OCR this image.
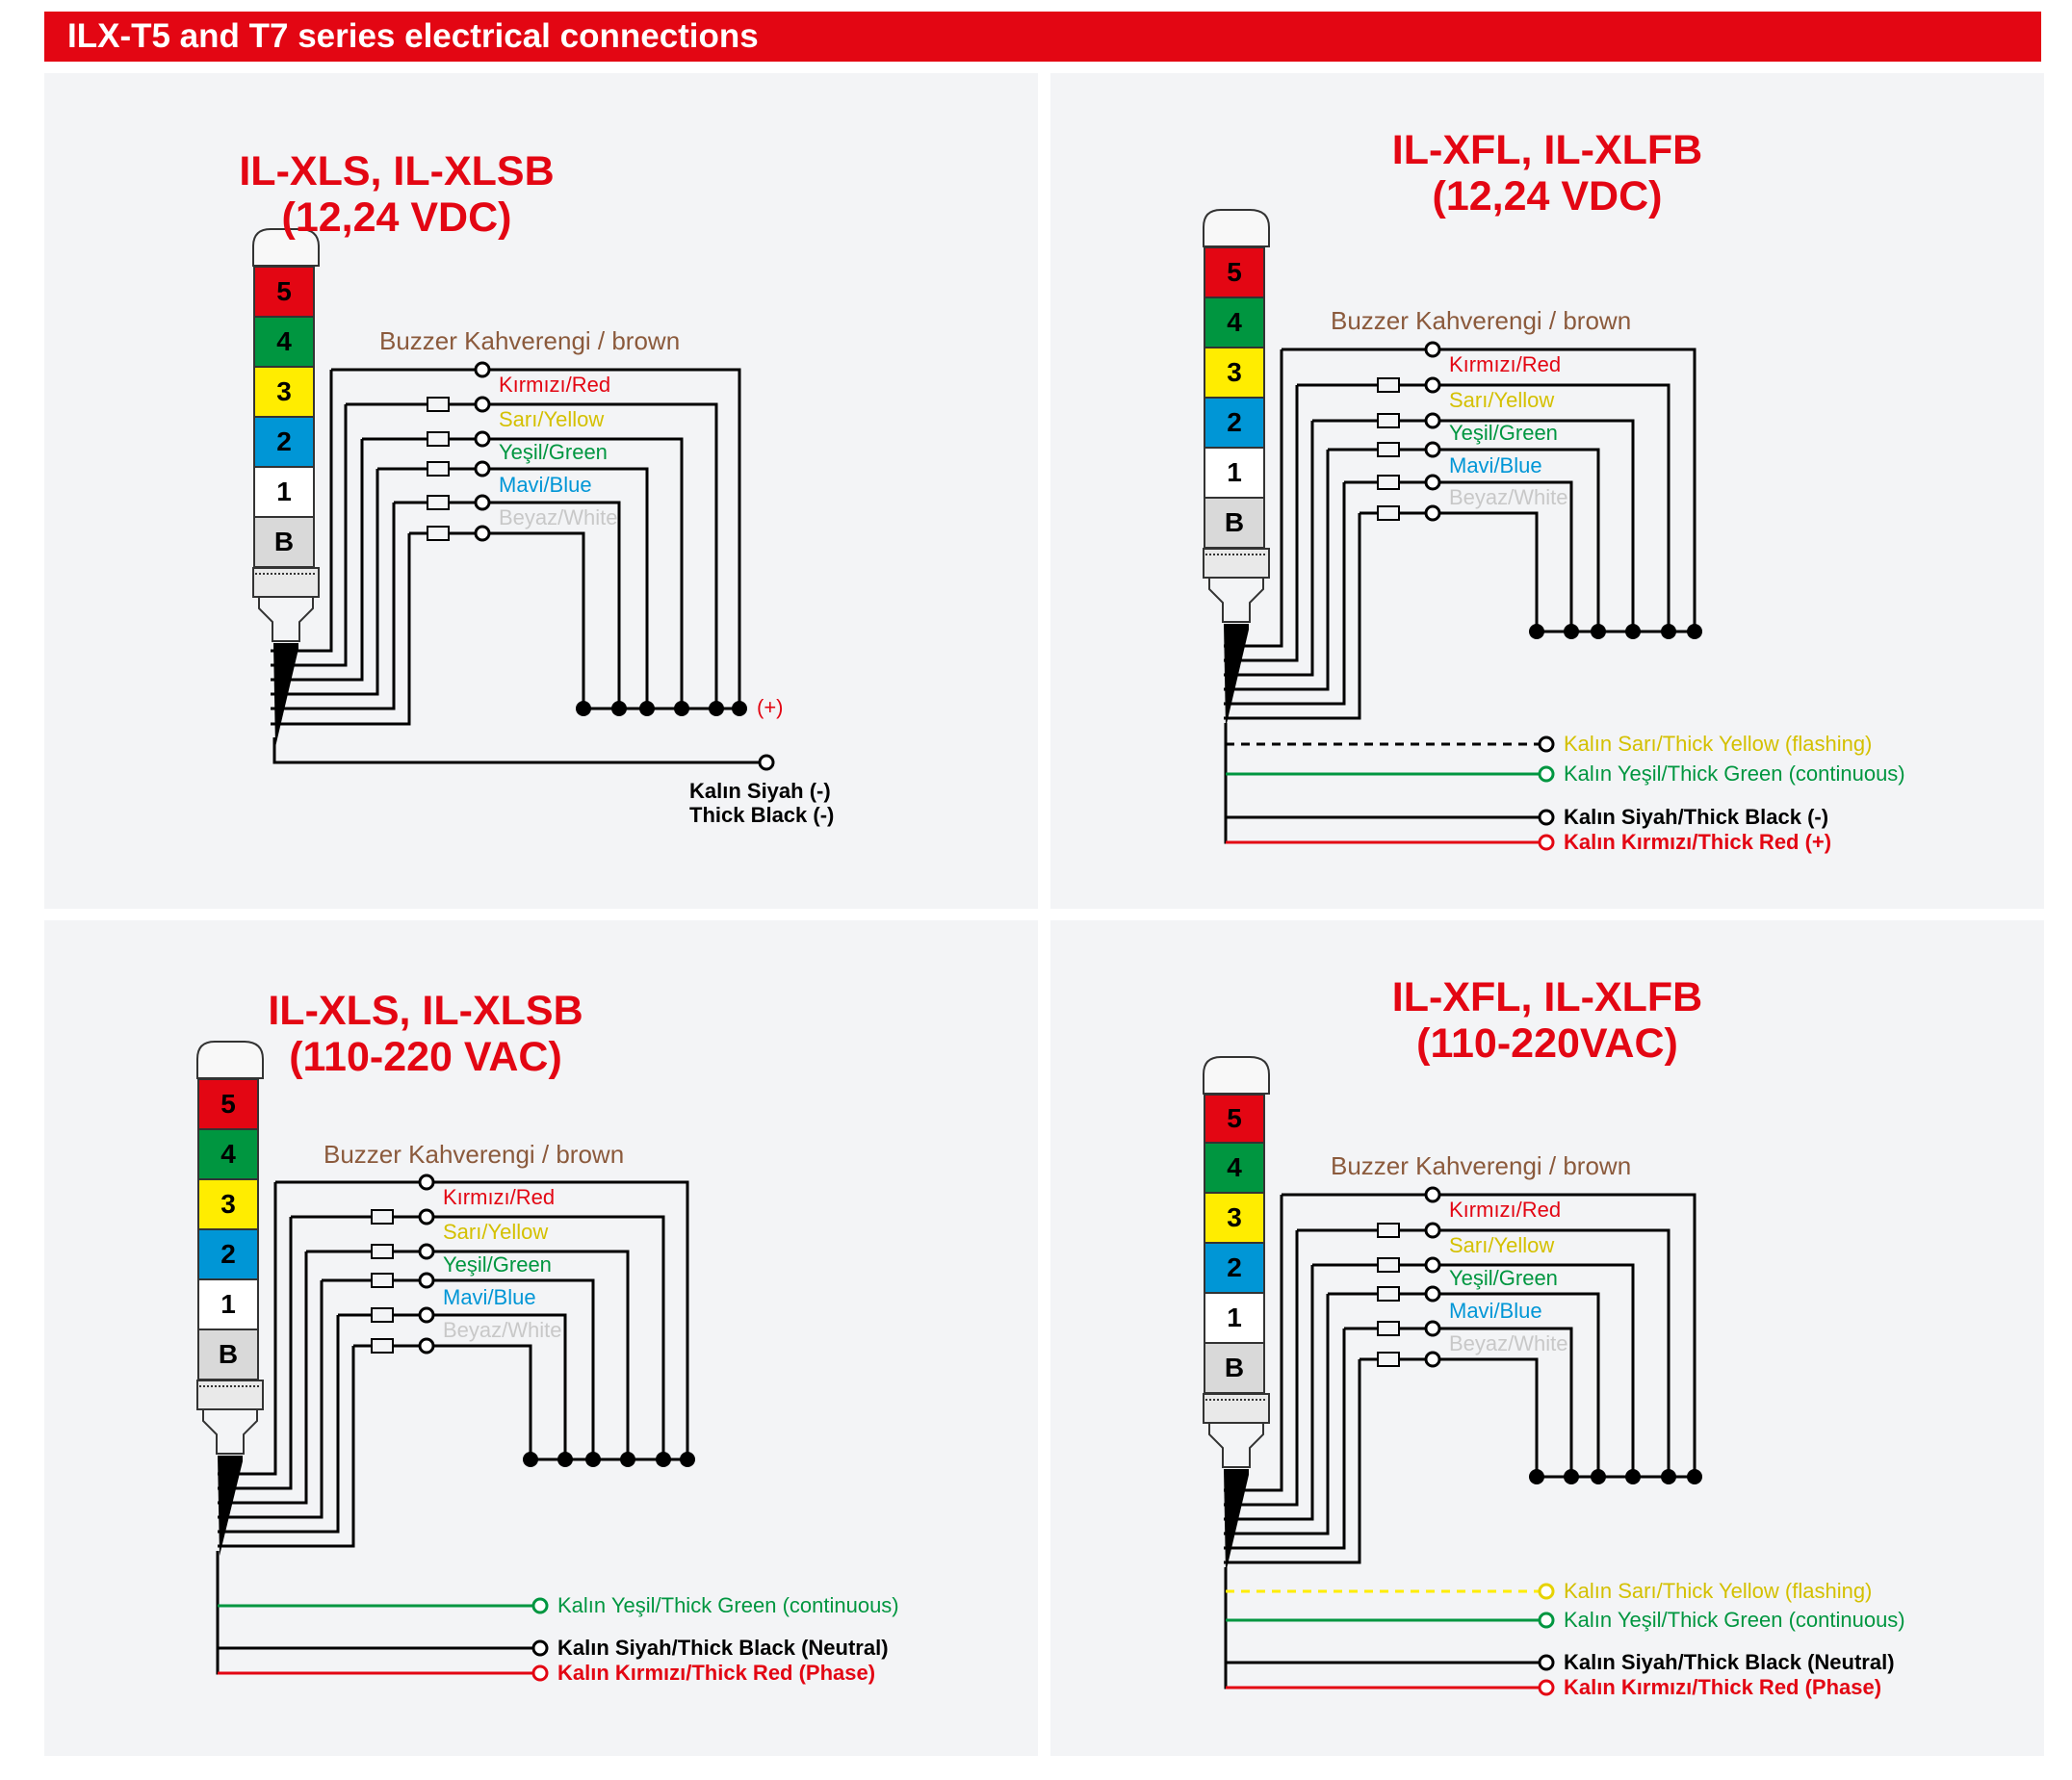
ILX-T5 and T7 series electrical connections
IL-XLS, IL-XLSB
(12,24 VDC)
5
4
3
2
1
B
Buzzer Kahverengi / brown
Kırmızı/Red
Sarı/Yellow
Yeşil/Green
Mavi/Blue
Beyaz/White
(+)
Kalın Siyah (-)
Thick Black (-)
IL-XFL, IL-XLFB
(12,24 VDC)
5
4
3
2
1
B
Buzzer Kahverengi / brown
Kırmızı/Red
Sarı/Yellow
Yeşil/Green
Mavi/Blue
Beyaz/White
Kalın Sarı/Thick Yellow (flashing)
Kalın Yeşil/Thick Green (continuous)
Kalın Siyah/Thick Black (-)
Kalın Kırmızı/Thick Red (+)
IL-XLS, IL-XLSB
(110-220 VAC)
5
4
3
2
1
B
Buzzer Kahverengi / brown
Kırmızı/Red
Sarı/Yellow
Yeşil/Green
Mavi/Blue
Beyaz/White
Kalın Yeşil/Thick Green (continuous)
Kalın Siyah/Thick Black (Neutral)
Kalın Kırmızı/Thick Red (Phase)
IL-XFL, IL-XLFB
(110-220VAC)
5
4
3
2
1
B
Buzzer Kahverengi / brown
Kırmızı/Red
Sarı/Yellow
Yeşil/Green
Mavi/Blue
Beyaz/White
Kalın Sarı/Thick Yellow (flashing)
Kalın Yeşil/Thick Green (continuous)
Kalın Siyah/Thick Black (Neutral)
Kalın Kırmızı/Thick Red (Phase)
